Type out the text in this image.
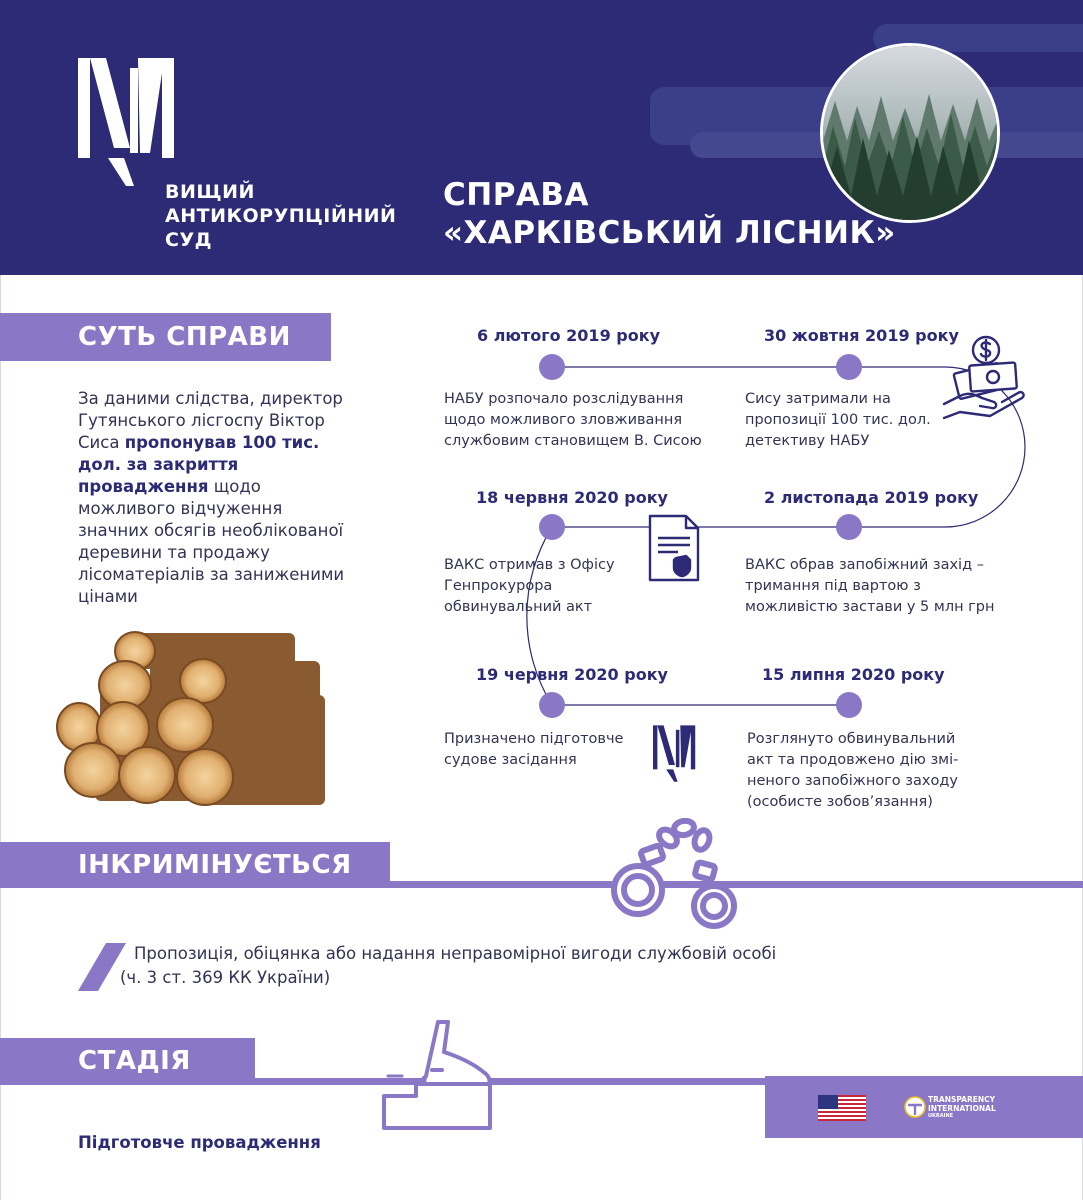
ВИЩИЙ
АНТИКОРУПЦІЙНИЙ
СУД
СПРАВА
«ХАРКІВСЬКИЙ ЛІСНИК»
СУТЬ СПРАВИ
За даними слідства, директор Гутянського лісгоспу Віктор Сиса пропонував 100 тис. дол. за закриття провадження щодо можливого відчуження значних обсягів необлікованої деревини та продажу лісоматеріалів за заниженими цінами
6 лютого 2019 року
НАБУ розпочало розслідування
щодо можливого зловживання
службовим становищем В. Сисою
30 жовтня 2019 року
Сису затримали на
пропозиції 100 тис. дол.
детективу НАБУ
2 листопада 2019 року
ВАКС обрав запобіжний захід –
тримання під вартою з
можливістю застави у 5 млн грн
18 червня 2020 року
ВАКС отримав з Офісу
Генпрокурора
обвинувальний акт
19 червня 2020 року
Призначено підготовче
судове засідання
15 липня 2020 року
Розглянуто обвинувальний
акт та продовжено дію змі-
неного запобіжного заходу
(особисте зобов’язання)
ІНКРИМІНУЄТЬСЯ
Пропозиція, обіцянка або надання неправомірної вигоди службовій особі
(ч. 3 ст. 369 КК України)
СТАДІЯ
Підготовче провадження
TRANSPARENCY
INTERNATIONAL
UKRAINE
